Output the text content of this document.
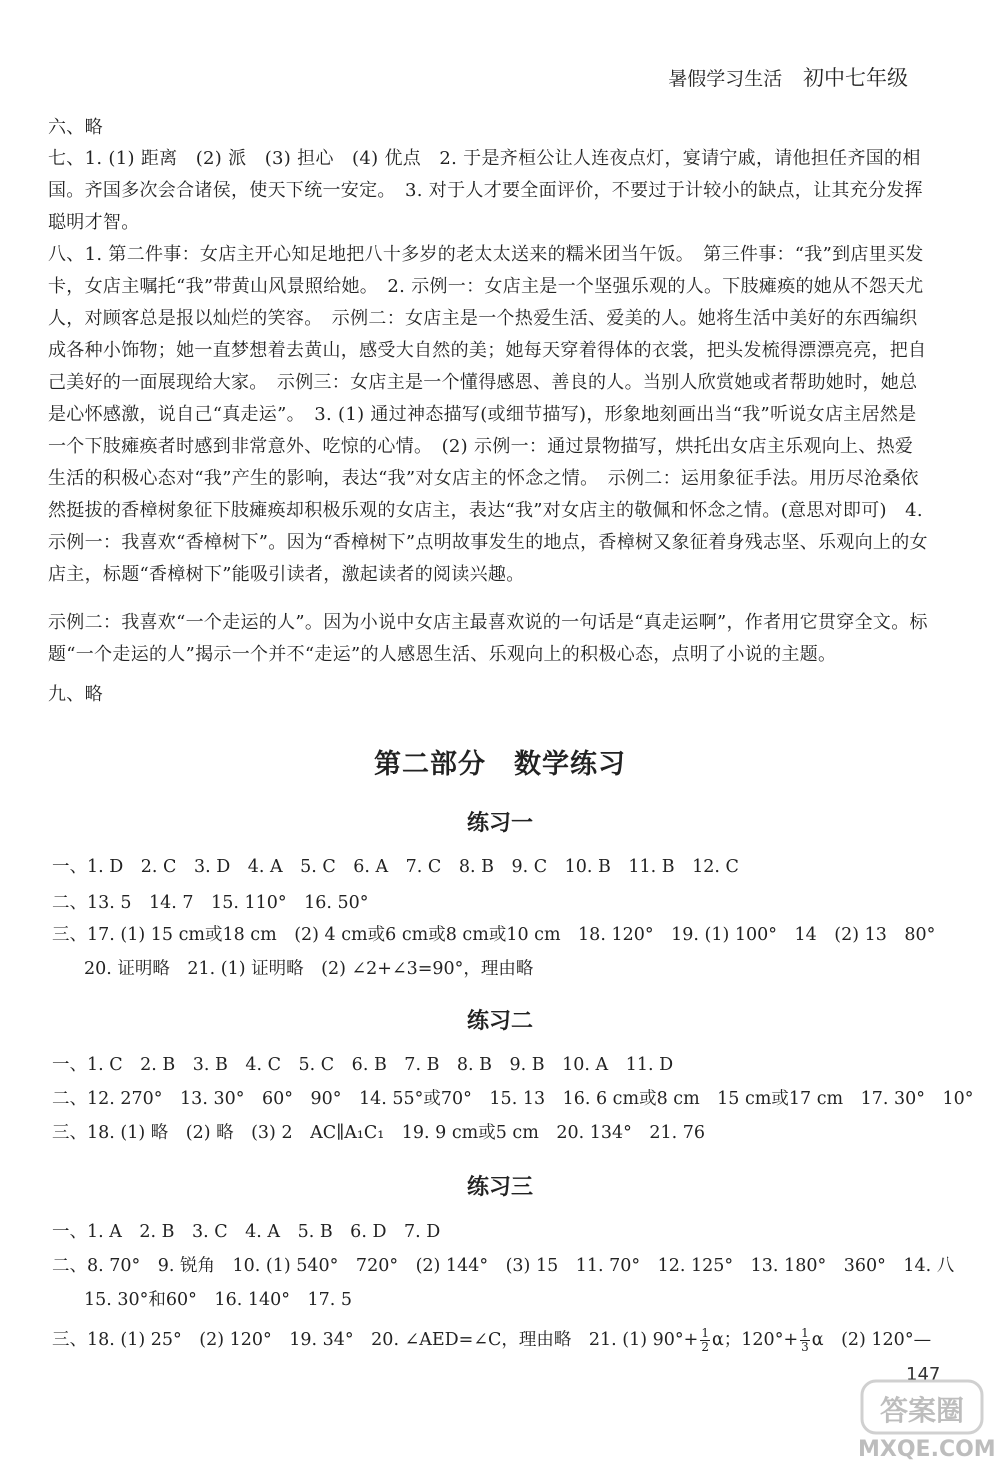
暑假学习生活 初中七年级
六、略
七、1. (1) 距离　(2) 派　(3) 担心　(4) 优点　2. 于是齐桓公让人连夜点灯，宴请宁戚，请他担任齐国的相国。齐国多次会合诸侯，使天下统一安定。　3. 对于人才要全面评价，不要过于计较小的缺点，让其充分发挥聪明才智。
八、1. 第二件事：女店主开心知足地把八十多岁的老太太送来的糯米团当午饭。　第三件事：“我”到店里买发卡，女店主嘱托“我”带黄山风景照给她。　2. 示例一：女店主是一个坚强乐观的人。下肢瘫痪的她从不怨天尤人，对顾客总是报以灿烂的笑容。　示例二：女店主是一个热爱生活、爱美的人。她将生活中美好的东西编织成各种小饰物；她一直梦想着去黄山，感受大自然的美；她每天穿着得体的衣裳，把头发梳得漂漂亮亮，把自己美好的一面展现给大家。　示例三：女店主是一个懂得感恩、善良的人。当别人欣赏她或者帮助她时，她总是心怀感激，说自己“真走运”。　3. (1) 通过神态描写(或细节描写)，形象地刻画出当“我”听说女店主居然是一个下肢瘫痪者时感到非常意外、吃惊的心情。　(2) 示例一：通过景物描写，烘托出女店主乐观向上、热爱生活的积极心态对“我”产生的影响，表达“我”对女店主的怀念之情。　示例二：运用象征手法。用历尽沧桑依然挺拔的香樟树象征下肢瘫痪却积极乐观的女店主，表达“我”对女店主的敬佩和怀念之情。(意思对即可)　4. 示例一：我喜欢“香樟树下”。因为“香樟树下”点明故事发生的地点，香樟树又象征着身残志坚、乐观向上的女店主，标题“香樟树下”能吸引读者，激起读者的阅读兴趣。
示例二：我喜欢“一个走运的人”。因为小说中女店主最喜欢说的一句话是“真走运啊”，作者用它贯穿全文。标题“一个走运的人”揭示一个并不“走运”的人感恩生活、乐观向上的积极心态，点明了小说的主题。
九、略
第二部分　数学练习
练习一
一、1. D　2. C　3. D　4. A　5. C　6. A　7. C　8. B　9. C　10. B　11. B　12. C
二、13. 5　14. 7　15. 110°　16. 50°
三、17. (1) 15 cm或18 cm　(2) 4 cm或6 cm或8 cm或10 cm　18. 120°　19. (1) 100°　14　(2) 13　80°
20. 证明略　21. (1) 证明略　(2) ∠2+∠3=90°，理由略
练习二
一、1. C　2. B　3. B　4. C　5. C　6. B　7. B　8. B　9. B　10. A　11. D
二、12. 270°　13. 30°　60°　90°　14. 55°或70°　15. 13　16. 6 cm或8 cm　15 cm或17 cm　17. 30°　10°
三、18. (1) 略　(2) 略　(3) 2　AC∥A₁C₁　19. 9 cm或5 cm　20. 134°　21. 76
练习三
一、1. A　2. B　3. C　4. A　5. B　6. D　7. D
二、8. 70°　9. 锐角　10. (1) 540°　720°　(2) 144°　(3) 15　11. 70°　12. 125°　13. 180°　360°　14. 八
15. 30°和60°　16. 140°　17. 5
三、18. (1) 25°　(2) 120°　19. 34°　20. ∠AED=∠C，理由略　21. (1) $90^\circ+ \frac{1}{2}$ α；$120^\circ+ \frac{1}{3}$ α　(2) 120°—
147
答案圈
MXQE.COM
